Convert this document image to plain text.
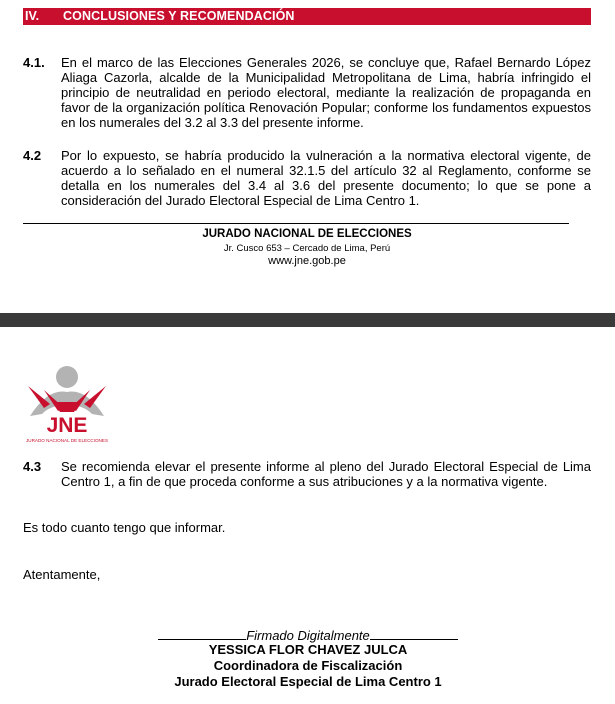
IV.	CONCLUSIONES Y RECOMENDACIÓN
4.1.	En el marco de las Elecciones Generales 2026, se concluye que, Rafael Bernardo López Aliaga Cazorla, alcalde de la Municipalidad Metropolitana de Lima, habría infringido el principio de neutralidad en periodo electoral, mediante la realización de propaganda en favor de la organización política Renovación Popular; conforme los fundamentos expuestos en los numerales del 3.2 al 3.3 del presente informe.
4.2	Por lo expuesto, se habría producido la vulneración a la normativa electoral vigente, de acuerdo a lo señalado en el numeral 32.1.5 del artículo 32 al Reglamento, conforme se detalla en los numerales del 3.4 al 3.6 del presente documento; lo que se pone a consideración del Jurado Electoral Especial de Lima Centro 1.
JURADO NACIONAL DE ELECCIONES
Jr. Cusco 653 – Cercado de Lima, Perú
www.jne.gob.pe
JNE
JURADO NACIONAL DE ELECCIONES
4.3	Se recomienda elevar el presente informe al pleno del Jurado Electoral Especial de Lima Centro 1, a fin de que proceda conforme a sus atribuciones y a la normativa vigente.
Es todo cuanto tengo que informar.
Atentamente,
Firmado Digitalmente
YESSICA FLOR CHAVEZ JULCA
Coordinadora de Fiscalización
Jurado Electoral Especial de Lima Centro 1
